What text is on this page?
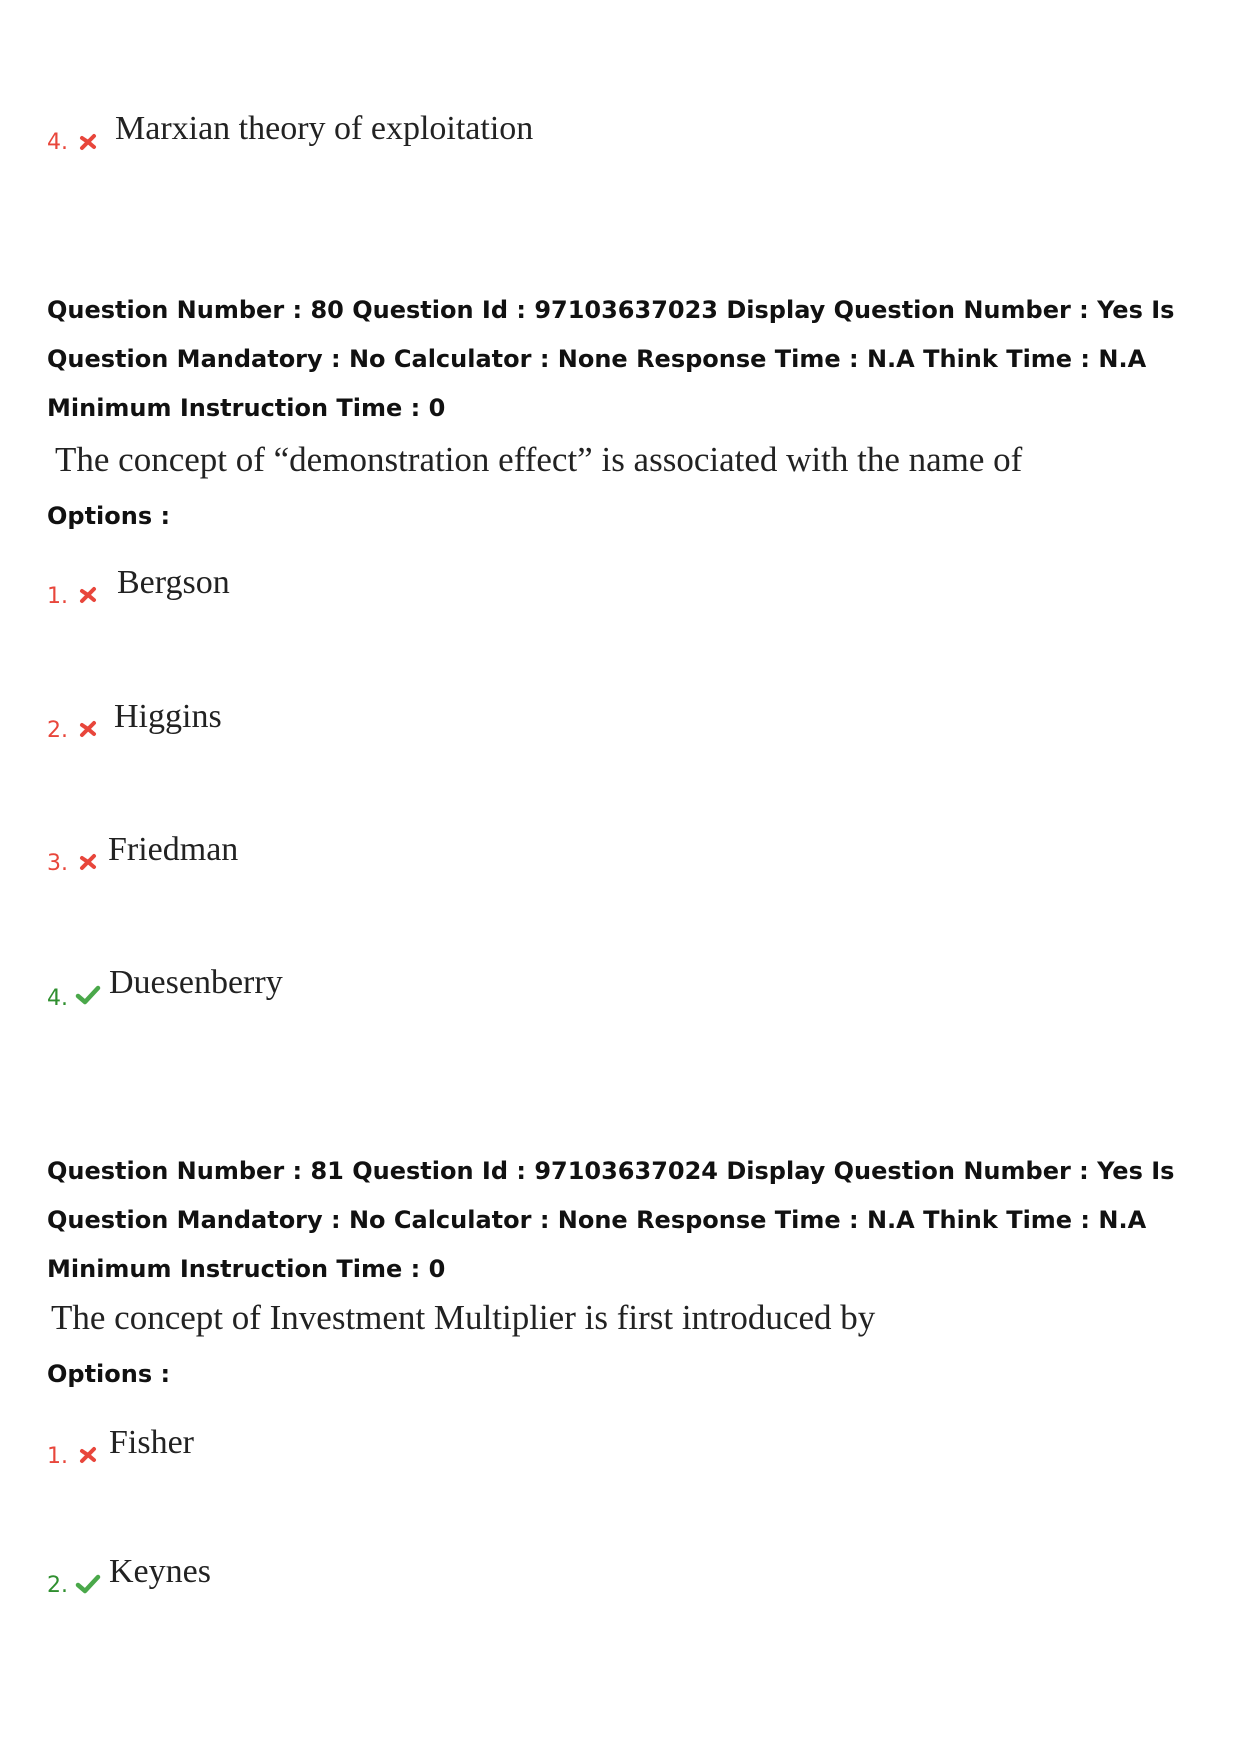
4. Marxian theory of exploitation
Question Number : 80 Question Id : 97103637023 Display Question Number : Yes Is Question Mandatory : No Calculator : None Response Time : N.A Think Time : N.A Minimum Instruction Time : 0
The concept of “demonstration effect” is associated with the name of
Options :
1. Bergson
2. Higgins
3. Friedman
4. Duesenberry
Question Number : 81 Question Id : 97103637024 Display Question Number : Yes Is Question Mandatory : No Calculator : None Response Time : N.A Think Time : N.A Minimum Instruction Time : 0
The concept of Investment Multiplier is first introduced by
Options :
1. Fisher
2. Keynes
